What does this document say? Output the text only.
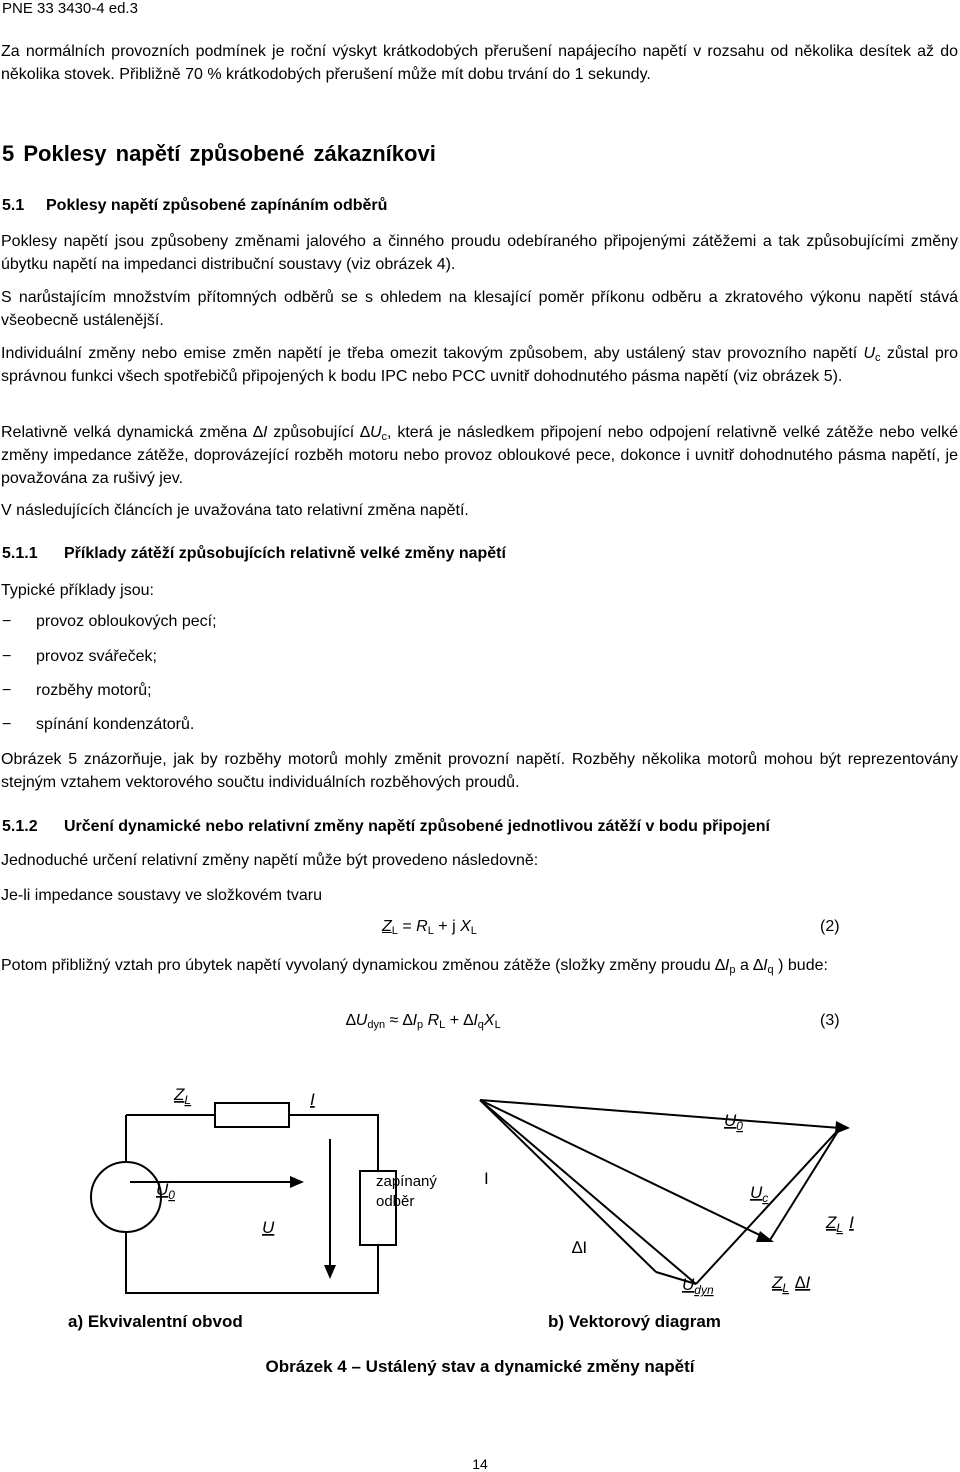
PNE 33 3430-4 ed.3
Za normálních provozních podmínek je roční výskyt krátkodobých přerušení napájecího napětí v rozsahu od několika desítek až do několika stovek. Přibližně 70 % krátkodobých přerušení může mít dobu trvání do 1 sekundy.
5 Poklesy napětí způsobené zákazníkovi
5.1 Poklesy napětí způsobené zapínáním odběrů
Poklesy napětí jsou způsobeny změnami jalového a činného proudu odebíraného připojenými zátěžemi a tak způsobujícími změny úbytku napětí na impedanci distribuční soustavy (viz obrázek 4).
S narůstajícím množstvím přítomných odběrů se s ohledem na klesající poměr příkonu odběru a zkratového výkonu napětí stává všeobecně ustálenější.
Individuální změny nebo emise změn napětí je třeba omezit takovým způsobem, aby ustálený stav provozního napětí $U_c$ zůstal pro správnou funkci všech spotřebičů připojených k bodu IPC nebo PCC uvnitř dohodnutého pásma napětí (viz obrázek 5).
Relativně velká dynamická změna ∆I způsobující $\Delta U_c$, která je následkem připojení nebo odpojení relativně velké zátěže nebo velké změny impedance zátěže, doprovázející rozběh motoru nebo provoz obloukové pece, dokonce i uvnitř dohodnutého pásma napětí, je považována za rušivý jev.
V následujících článcích je uvažována tato relativní změna napětí.
5.1.1 Příklady zátěží způsobujících relativně velké změny napětí
Typické příklady jsou:
− provoz obloukových pecí;
− provoz svářeček;
− rozběhy motorů;
− spínání kondenzátorů.
Obrázek 5 znázorňuje, jak by rozběhy motorů mohly změnit provozní napětí. Rozběhy několika motorů mohou být reprezentovány stejným vztahem vektorového součtu individuálních rozběhových proudů.
5.1.2 Určení dynamické nebo relativní změny napětí způsobené jednotlivou zátěží v bodu připojení
Jednoduché určení relativní změny napětí může být provedeno následovně:
Je-li impedance soustavy ve složkovém tvaru
$Z_L = R_L + j$ $X_L$	(2)
Potom přibližný vztah pro úbytek napětí vyvolaný dynamickou změnou zátěže (složky změny proudu $\Delta I_p$ a $\Delta I_q$ ) bude:
$\Delta U_{dyn} \approx \Delta I_p$ $R_L + \Delta I_qX_L$	(3)
$Z_L$	I
$U_0$
U
zapínaný
odběr
$U_0$
I
$U_c$
$Z_L$ I
∆I
$U_{dyn}$	$Z_L$ ∆I
a) Ekvivalentní obvod	b) Vektorový diagram
Obrázek 4 – Ustálený stav a dynamické změny napětí
14
